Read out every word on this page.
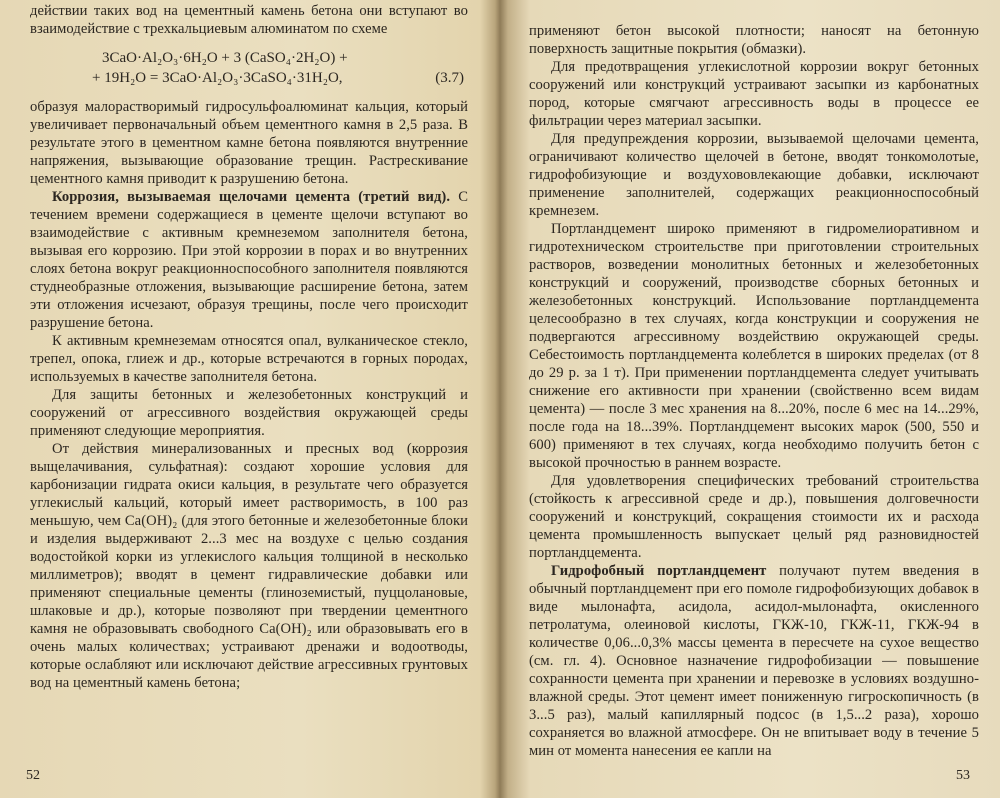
действии таких вод на цементный камень бетона они вступают во взаимодействие с трехкальциевым алюминатом по схеме

3CaO·Al₂O₃·6H₂O + 3 (CaSO₄·2H₂O) +
+ 19H₂O = 3CaO·Al₂O₃·3CaSO₄·31H₂O,	(3.7)

образуя малорастворимый гидросульфоалюминат кальция, который увеличивает первоначальный объем цементного камня в 2,5 раза. В результате этого в цементном камне бетона появляются внутренние напряжения, вызывающие образование трещин. Растрескивание цементного камня приводит к разрушению бетона.

Коррозия, вызываемая щелочами цемента (третий вид). С течением времени содержащиеся в цементе щелочи вступают во взаимодействие с активным кремнеземом заполнителя бетона, вызывая его коррозию. При этой коррозии в порах и во внутренних слоях бетона вокруг реакционноспособного заполнителя появляются студнеобразные отложения, вызывающие расширение бетона, затем эти отложения исчезают, образуя трещины, после чего происходит разрушение бетона.

К активным кремнеземам относятся опал, вулканическое стекло, трепел, опока, глиеж и др., которые встречаются в горных породах, используемых в качестве заполнителя бетона.

Для защиты бетонных и железобетонных конструкций и сооружений от агрессивного воздействия окружающей среды применяют следующие мероприятия.

От действия минерализованных и пресных вод (коррозия выщелачивания, сульфатная): создают хорошие условия для карбонизации гидрата окиси кальция, в результате чего образуется углекислый кальций, который имеет растворимость, в 100 раз меньшую, чем Ca(OH)₂ (для этого бетонные и железобетонные блоки и изделия выдерживают 2...3 мес на воздухе с целью создания водостойкой корки из углекислого кальция толщиной в несколько миллиметров); вводят в цемент гидравлические добавки или применяют специальные цементы (глиноземистый, пуццолановые, шлаковые и др.), которые позволяют при твердении цементного камня не образовывать свободного Ca(OH)₂ или образовывать его в очень малых количествах; устраивают дренажи и водоотводы, которые ослабляют или исключают действие агрессивных грунтовых вод на цементный камень бетона;

52

применяют бетон высокой плотности; наносят на бетонную поверхность защитные покрытия (обмазки).

Для предотвращения углекислотной коррозии вокруг бетонных сооружений или конструкций устраивают засыпки из карбонатных пород, которые смягчают агрессивность воды в процессе ее фильтрации через материал засыпки.

Для предупреждения коррозии, вызываемой щелочами цемента, ограничивают количество щелочей в бетоне, вводят тонкомолотые, гидрофобизующие и воздухововлекающие добавки, исключают применение заполнителей, содержащих реакционноспособный кремнезем.

Портландцемент широко применяют в гидромелиоративном и гидротехническом строительстве при приготовлении строительных растворов, возведении монолитных бетонных и железобетонных конструкций и сооружений, производстве сборных бетонных и железобетонных конструкций. Использование портландцемента целесообразно в тех случаях, когда конструкции и сооружения не подвергаются агрессивному воздействию окружающей среды. Себестоимость портландцемента колеблется в широких пределах (от 8 до 29 р. за 1 т). При применении портландцемента следует учитывать снижение его активности при хранении (свойственно всем видам цемента) — после 3 мес хранения на 8...20%, после 6 мес на 14...29%, после года на 18...39%. Портландцемент высоких марок (500, 550 и 600) применяют в тех случаях, когда необходимо получить бетон с высокой прочностью в раннем возрасте.

Для удовлетворения специфических требований строительства (стойкость к агрессивной среде и др.), повышения долговечности сооружений и конструкций, сокращения стоимости их и расхода цемента промышленность выпускает целый ряд разновидностей портландцемента.

Гидрофобный портландцемент получают путем введения в обычный портландцемент при его помоле гидрофобизующих добавок в виде мылонафта, асидола, асидол-мылонафта, окисленного петролатума, олеиновой кислоты, ГКЖ-10, ГКЖ-11, ГКЖ-94 в количестве 0,06...0,3% массы цемента в пересчете на сухое вещество (см. гл. 4). Основное назначение гидрофобизации — повышение сохранности цемента при хранении и перевозке в условиях воздушно-влажной среды. Этот цемент имеет пониженную гигроскопичность (в 3...5 раз), малый капиллярный подсос (в 1,5...2 раза), хорошо сохраняется во влажной атмосфере. Он не впитывает воду в течение 5 мин от момента нанесения ее капли на

53
